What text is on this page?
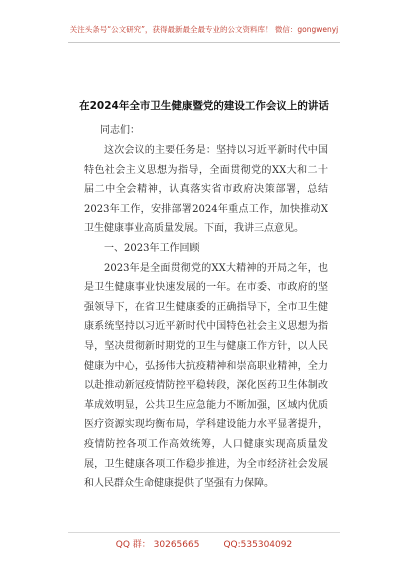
关注头条号“公文研究”，获得最新最全最专业的公文资料库！ 微信：gongwenyj
在2024年全市卫生健康暨党的建设工作会议上的讲话
同志们：

这次会议的主要任务是：坚持以习近平新时代中国特色社会主义思想为指导，全面贯彻党的XX大和二十届二中全会精神，认真落实省市政府决策部署，总结2023年工作，安排部署2024年重点工作，加快推动X卫生健康事业高质量发展。下面，我讲三点意见。

一、2023年工作回顾

2023年是全面贯彻党的XX大精神的开局之年，也是卫生健康事业快速发展的一年。在市委、市政府的坚强领导下，在省卫生健康委的正确指导下，全市卫生健康系统坚持以习近平新时代中国特色社会主义思想为指导，坚决贯彻新时期党的卫生与健康工作方针，以人民健康为中心，弘扬伟大抗疫精神和崇高职业精神，全力以赴推动新冠疫情防控平稳转段，深化医药卫生体制改革成效明显，公共卫生应急能力不断加强，区域内优质医疗资源实现均衡布局，学科建设能力水平显著提升，疫情防控各项工作高效统筹，人口健康实现高质量发展，卫生健康各项工作稳步推进，为全市经济社会发展和人民群众生命健康提供了坚强有力保障。

QQ 群： 30265665	QQ:535304092
